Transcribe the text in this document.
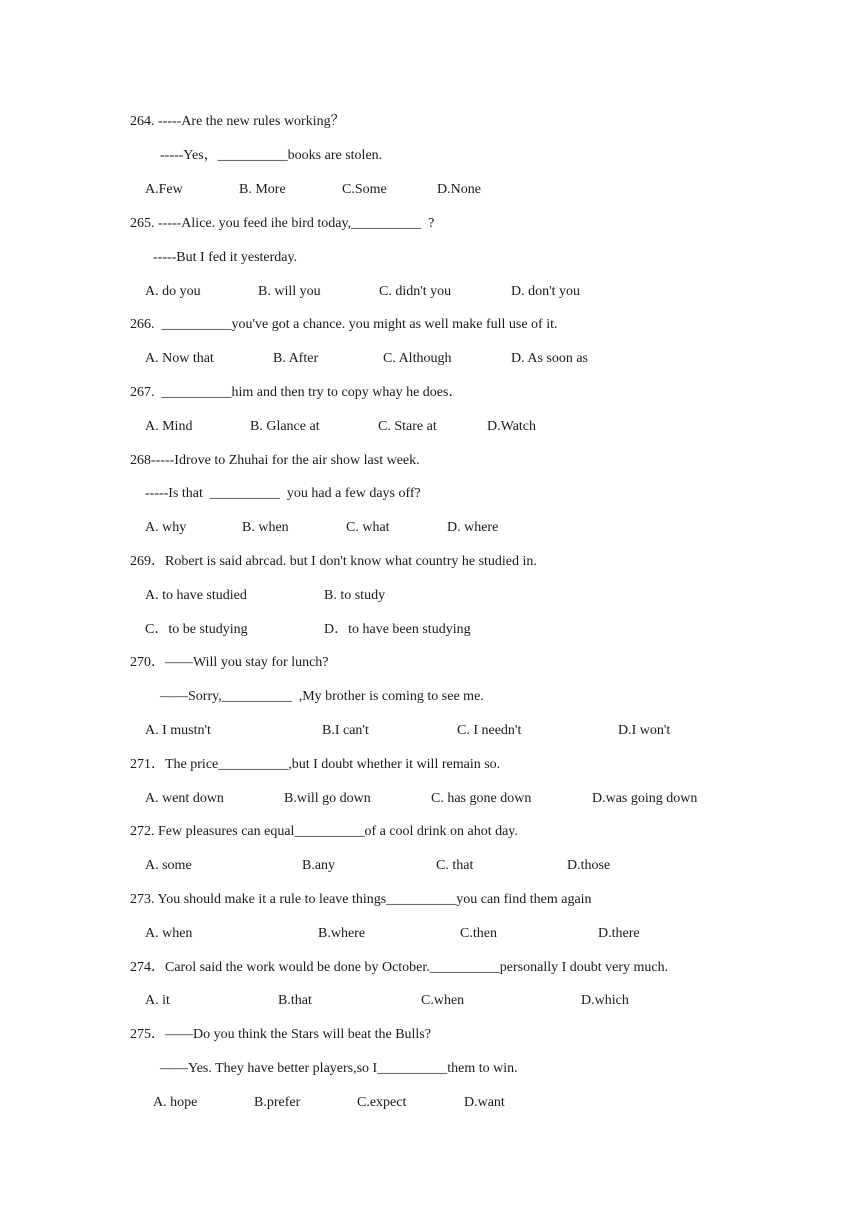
264. -----Are the new rules working？
-----Yes，__________books are stolen.
A.Few	B. More	C.Some	D.None
265. -----Alice. you feed ihe bird today,__________  ?
-----But I fed it yesterday.
A. do you	B. will you	C. didn't you	D. don't you
266.  __________you've got a chance. you might as well make full use of it.
A. Now that	B. After	C. Although	D. As soon as
267.  __________him and then try to copy whay he does．
A. Mind	B. Glance at	C. Stare at	D.Watch
268-----Idrove to Zhuhai for the air show last week.
-----Is that  __________  you had a few days off?
A. why	B. when	C. what	D. where
269．Robert is said abrcad. but I don't know what country he studied in.
A. to have studied	B. to study
C．to be studying	D．to have been studying
270．——Will you stay for lunch?
——Sorry,__________  ,My brother is coming to see me.
A. I mustn't	B.I can't	C. I needn't	D.I won't
271．The price__________,but I doubt whether it will remain so.
A. went down	B.will go down	C. has gone down	D.was going down
272. Few pleasures can equal__________of a cool drink on ahot day.
A. some	B.any	C. that	D.those
273. You should make it a rule to leave things__________you can find them again
A. when	B.where	C.then	D.there
274．Carol said the work would be done by October.__________personally I doubt very much.
A. it	B.that	C.when	D.which
275．——Do you think the Stars will beat the Bulls?
——Yes. They have better players,so I__________them to win.
A. hope	B.prefer	C.expect	D.want
